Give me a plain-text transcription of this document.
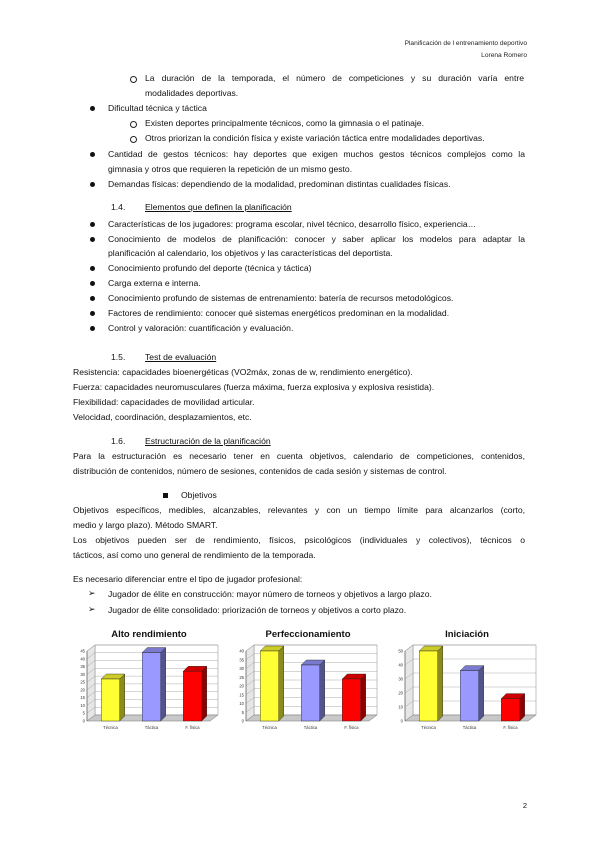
Planificación de l entrenamiento deportivo
Lorena Romero
La duración de la temporada, el número de competiciones y su duración varía entre
modalidades deportivas.
Dificultad técnica y táctica
Existen deportes principalmente técnicos, como la gimnasia o el patinaje.
Otros priorizan la condición física y existe variación táctica entre modalidades deportivas.
Cantidad de gestos técnicos: hay deportes que exigen muchos gestos técnicos complejos como la
gimnasia y otros que requieren la repetición de un mismo gesto.
Demandas físicas: dependiendo de la modalidad, predominan distintas cualidades físicas.
1.4. Elementos que definen la planificación
Características de los jugadores: programa escolar, nivel técnico, desarrollo físico, experiencia…
Conocimiento de modelos de planificación: conocer y saber aplicar los modelos para adaptar la
planificación al calendario, los objetivos y las características del deportista.
Conocimiento profundo del deporte (técnica y táctica)
Carga externa e interna.
Conocimiento profundo de sistemas de entrenamiento: batería de recursos metodológicos.
Factores de rendimiento: conocer qué sistemas energéticos predominan en la modalidad.
Control y valoración: cuantificación y evaluación.
1.5. Test de evaluación
Resistencia: capacidades bioenergéticas (VO2máx, zonas de w, rendimiento energético).
Fuerza: capacidades neuromusculares (fuerza máxima, fuerza explosiva y explosiva resistida).
Flexibilidad: capacidades de movilidad articular.
Velocidad, coordinación, desplazamientos, etc.
1.6. Estructuración de la planificación
Para la estructuración es necesario tener en cuenta objetivos, calendario de competiciones, contenidos,
distribución de contenidos, número de sesiones, contenidos de cada sesión y sistemas de control.
Objetivos
Objetivos específicos, medibles, alcanzables, relevantes y con un tiempo límite para alcanzarlos (corto,
medio y largo plazo). Método SMART.
Los objetivos pueden ser de rendimiento, físicos, psicológicos (individuales y colectivos), técnicos o
tácticos, así como uno general de rendimiento de la temporada.
Es necesario diferenciar entre el tipo de jugador profesional:
➢ Jugador de élite en construcción: mayor número de torneos y objetivos a largo plazo.
➢ Jugador de élite consolidado: priorización de torneos y objetivos a corto plazo.
Alto rendimiento
0
5
10
15
20
25
30
35
40
45
Técnica	Táctica	F. física
Perfeccionamiento
0
5
10
15
20
25
30
35
40
Técnica	Táctica	F. física
Iniciación
0
10
20
30
40
50
Técnica	Táctica	F. física
2
